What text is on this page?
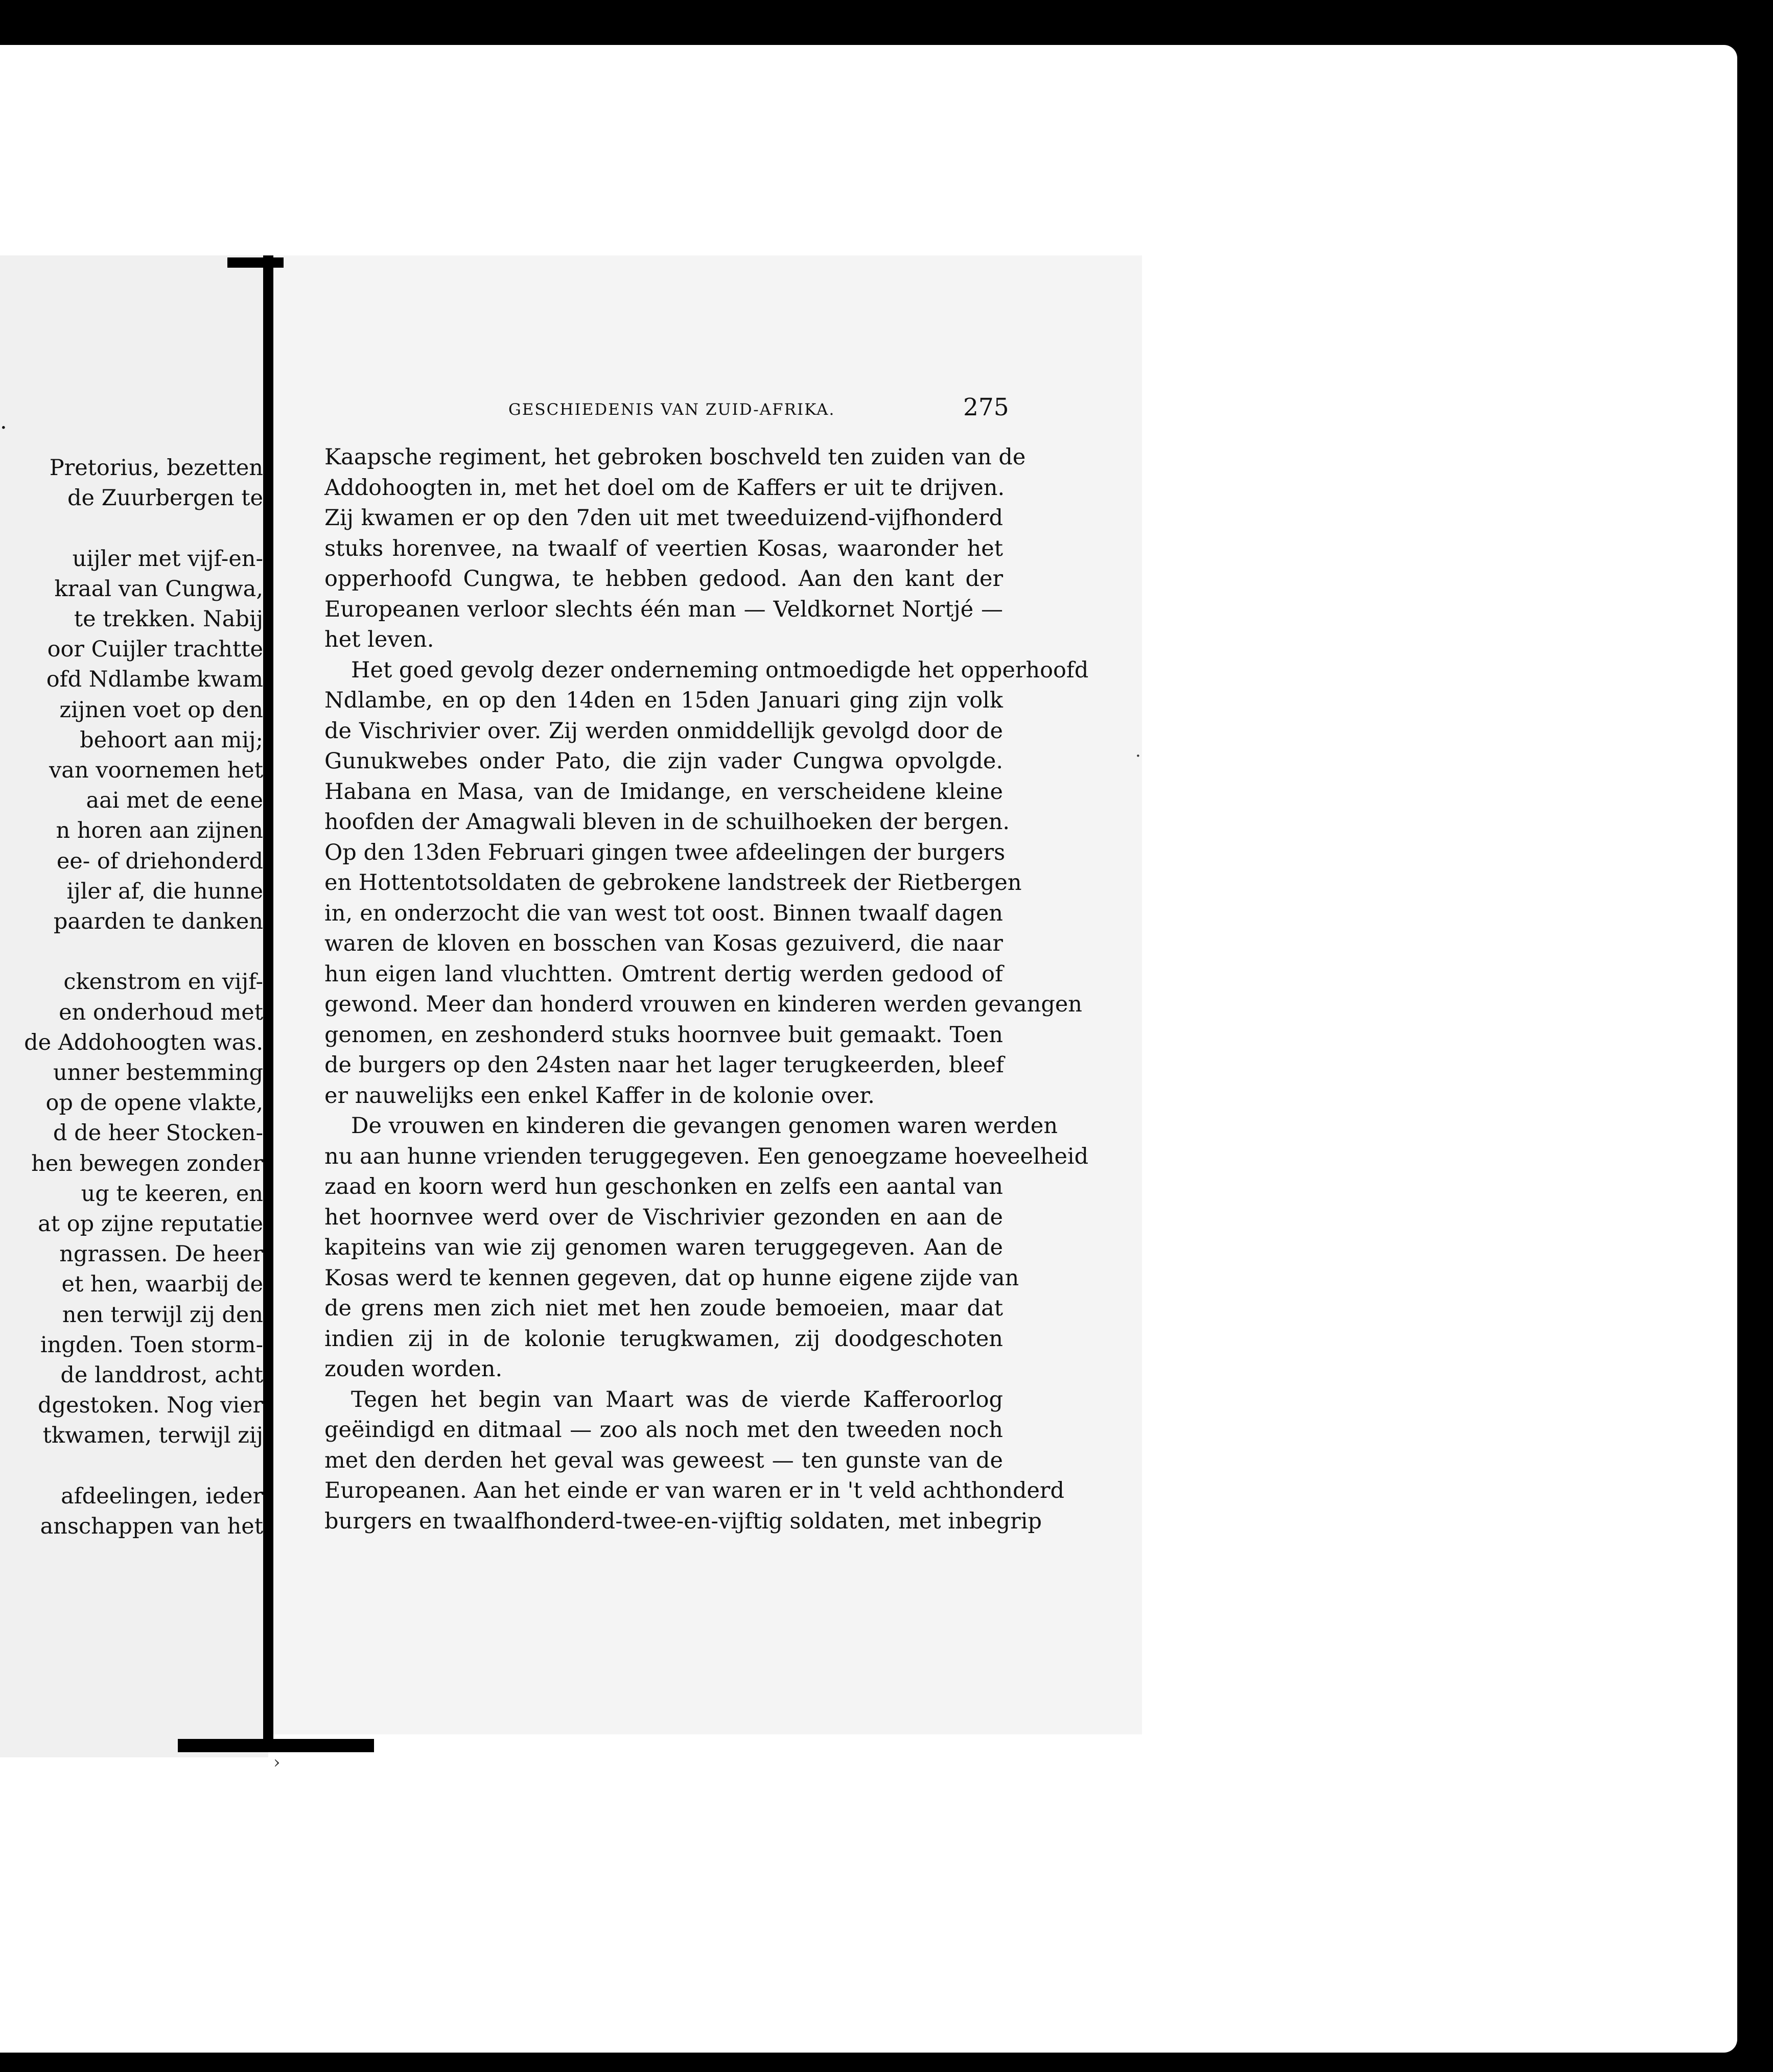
.
Pretorius, bezetten
de Zuurbergen te
uijler met vijf-en-
kraal van Cungwa,
te trekken. Nabij
oor Cuijler trachtte
ofd Ndlambe kwam
zijnen voet op den
behoort aan mij;
van voornemen het
aai met de eene
n horen aan zijnen
ee- of driehonderd
ijler af, die hunne
paarden te danken
ckenstrom en vijf-
en onderhoud met
de Addohoogten was.
unner bestemming
op de opene vlakte,
d de heer Stocken-
hen bewegen zonder
ug te keeren, en
at op zijne reputatie
ngrassen. De heer
et hen, waarbij de
nen terwijl zij den
ingden. Toen storm-
de landdrost, acht
dgestoken. Nog vier
tkwamen, terwijl zij
afdeelingen, ieder
anschappen van het
GESCHIEDENIS VAN ZUID-AFRIKA.	275
Kaapsche regiment, het gebroken boschveld ten zuiden van de
Addohoogten in, met het doel om de Kaffers er uit te drijven.
Zij kwamen er op den 7den uit met tweeduizend-vijfhonderd
stuks horenvee, na twaalf of veertien Kosas, waaronder het
opperhoofd Cungwa, te hebben gedood. Aan den kant der
Europeanen verloor slechts één man — Veldkornet Nortjé —
het leven.
Het goed gevolg dezer onderneming ontmoedigde het opperhoofd
Ndlambe, en op den 14den en 15den Januari ging zijn volk
de Vischrivier over. Zij werden onmiddellijk gevolgd door de
Gunukwebes onder Pato, die zijn vader Cungwa opvolgde.
Habana en Masa, van de Imidange, en verscheidene kleine
hoofden der Amagwali bleven in de schuilhoeken der bergen.
Op den 13den Februari gingen twee afdeelingen der burgers
en Hottentotsoldaten de gebrokene landstreek der Rietbergen
in, en onderzocht die van west tot oost. Binnen twaalf dagen
waren de kloven en bosschen van Kosas gezuiverd, die naar
hun eigen land vluchtten. Omtrent dertig werden gedood of
gewond. Meer dan honderd vrouwen en kinderen werden gevangen
genomen, en zeshonderd stuks hoornvee buit gemaakt. Toen
de burgers op den 24sten naar het lager terugkeerden, bleef
er nauwelijks een enkel Kaffer in de kolonie over.
De vrouwen en kinderen die gevangen genomen waren werden
nu aan hunne vrienden teruggegeven. Een genoegzame hoeveelheid
zaad en koorn werd hun geschonken en zelfs een aantal van
het hoornvee werd over de Vischrivier gezonden en aan de
kapiteins van wie zij genomen waren teruggegeven. Aan de
Kosas werd te kennen gegeven, dat op hunne eigene zijde van
de grens men zich niet met hen zoude bemoeien, maar dat
indien zij in de kolonie terugkwamen, zij doodgeschoten
zouden worden.
Tegen het begin van Maart was de vierde Kafferoorlog
geëindigd en ditmaal — zoo als noch met den tweeden noch
met den derden het geval was geweest — ten gunste van de
Europeanen. Aan het einde er van waren er in 't veld achthonderd
burgers en twaalfhonderd-twee-en-vijftig soldaten, met inbegrip
·
›
